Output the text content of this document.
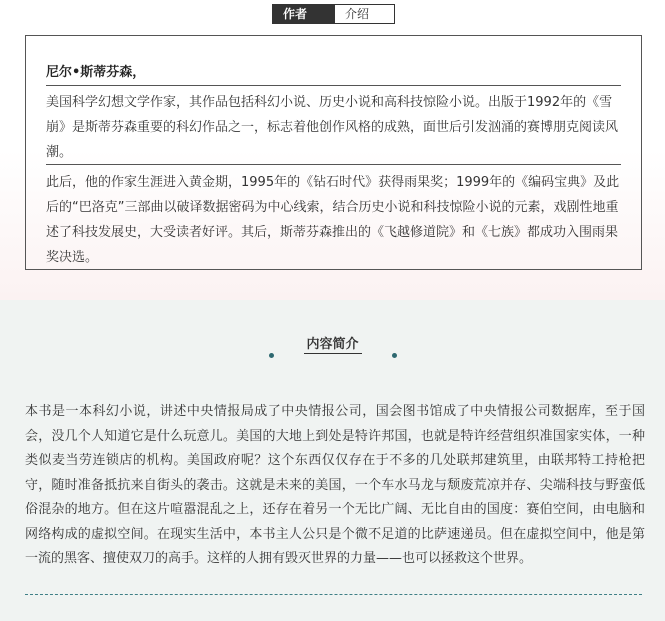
作者	介绍
尼尔•斯蒂芬森，
美国科学幻想文学作家，其作品包括科幻小说、历史小说和高科技惊险小说。出版于1992年的《雪崩》是斯蒂芬森重要的科幻作品之一，标志着他创作风格的成熟，面世后引发汹涌的赛博朋克阅读风潮。
此后，他的作家生涯进入黄金期，1995年的《钻石时代》获得雨果奖；1999年的《编码宝典》及此后的“巴洛克”三部曲以破译数据密码为中心线索，结合历史小说和科技惊险小说的元素，戏剧性地重述了科技发展史，大受读者好评。其后，斯蒂芬森推出的《飞越修道院》和《七族》都成功入围雨果奖决选。
内容简介
本书是一本科幻小说，讲述中央情报局成了中央情报公司，国会图书馆成了中央情报公司数据库，至于国会，没几个人知道它是什么玩意儿。美国的大地上到处是特许邦国，也就是特许经营组织准国家实体，一种类似麦当劳连锁店的机构。美国政府呢？这个东西仅仅存在于不多的几处联邦建筑里，由联邦特工持枪把守，随时准备抵抗来自街头的袭击。这就是未来的美国，一个车水马龙与颓废荒凉并存、尖端科技与野蛮低俗混杂的地方。但在这片喧嚣混乱之上，还存在着另一个无比广阔、无比自由的国度：赛伯空间，由电脑和网络构成的虚拟空间。在现实生活中，本书主人公只是个微不足道的比萨速递员。但在虚拟空间中，他是第一流的黑客、擅使双刀的高手。这样的人拥有毁灭世界的力量——也可以拯救这个世界。
